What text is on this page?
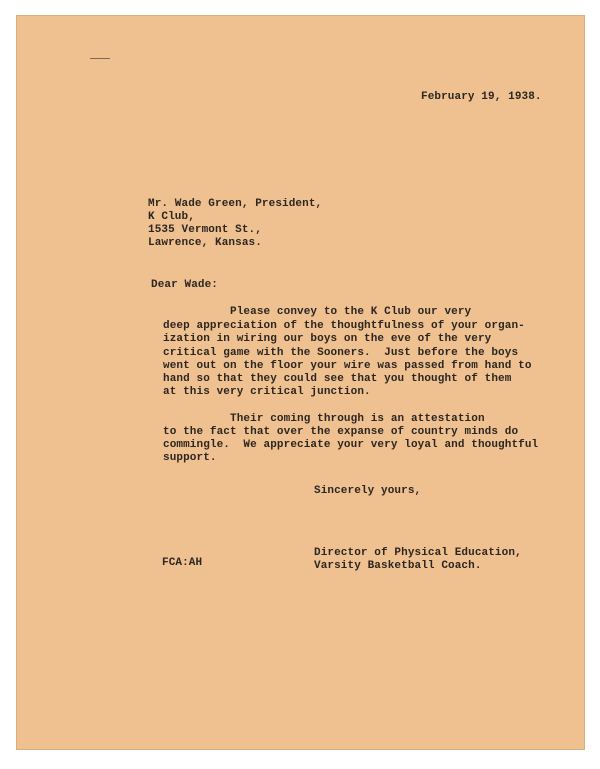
February 19, 1938.
Mr. Wade Green, President,
K Club,
1535 Vermont St.,
Lawrence, Kansas.
Dear Wade:
Please convey to the K Club our very
deep appreciation of the thoughtfulness of your organ-
ization in wiring our boys on the eve of the very
critical game with the Sooners.  Just before the boys
went out on the floor your wire was passed from hand to
hand so that they could see that you thought of them
at this very critical junction.
Their coming through is an attestation
to the fact that over the expanse of country minds do
commingle.  We appreciate your very loyal and thoughtful
support.
Sincerely yours,
FCA:AH
Director of Physical Education,
Varsity Basketball Coach.
